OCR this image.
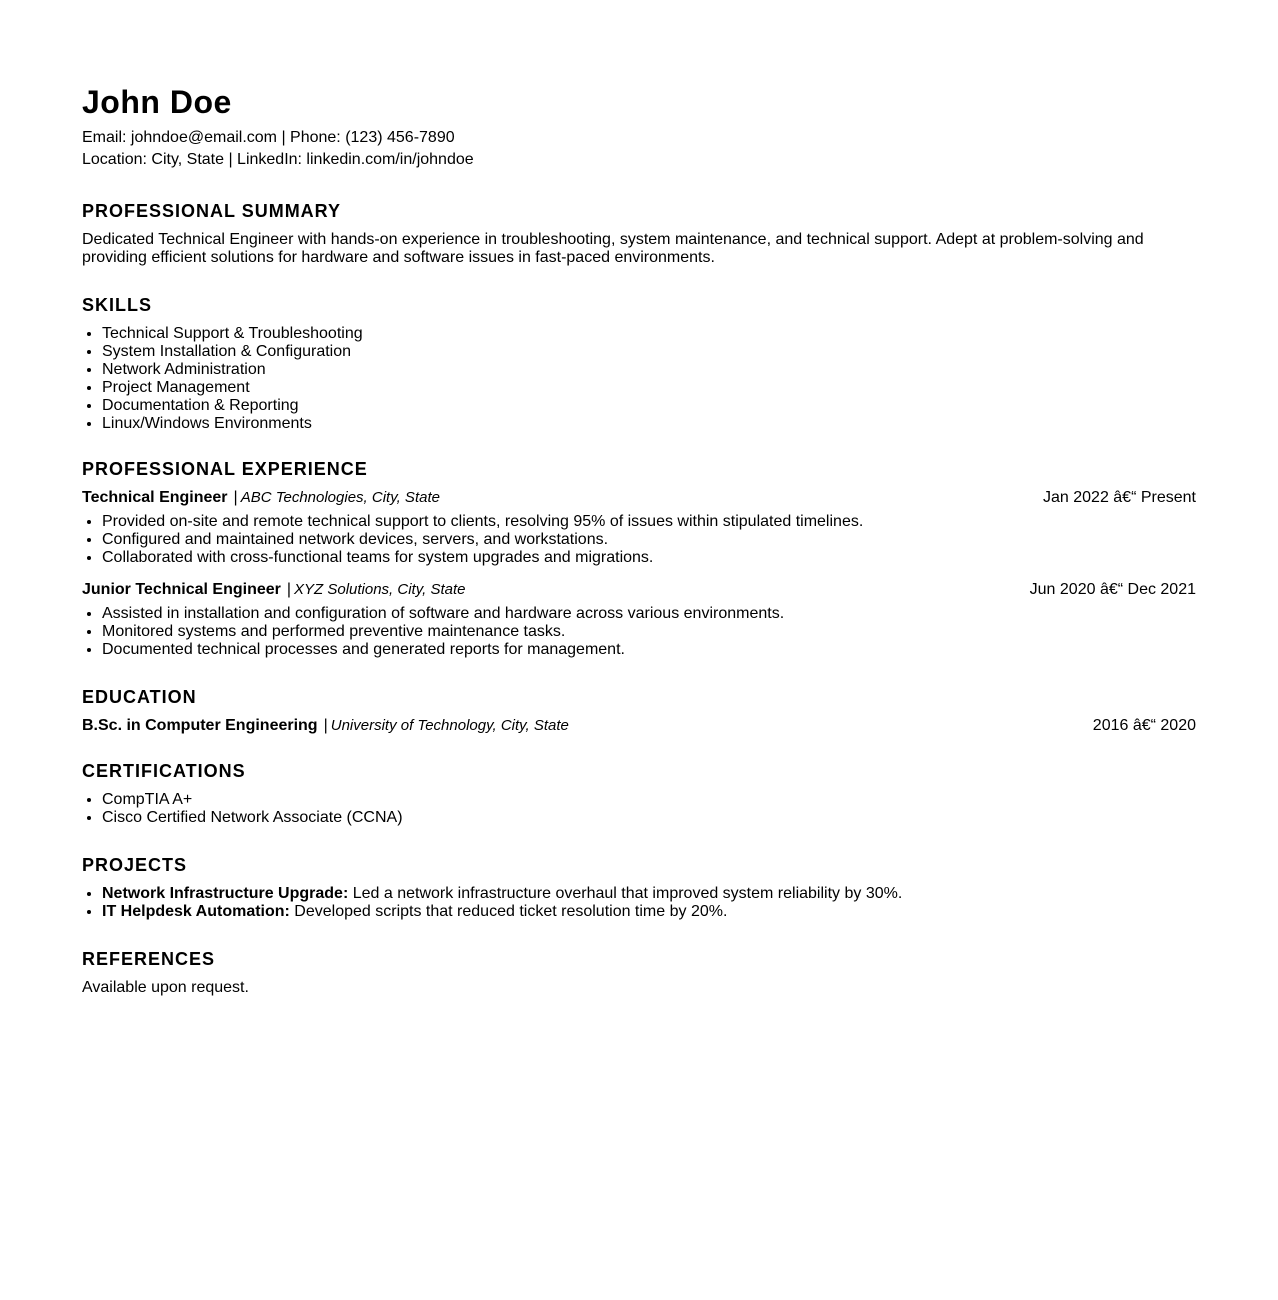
John Doe
Email: johndoe@email.com | Phone: (123) 456-7890
Location: City, State | LinkedIn: linkedin.com/in/johndoe
PROFESSIONAL SUMMARY

Dedicated Technical Engineer with hands-on experience in troubleshooting, system maintenance, and technical support. Adept at problem-solving and providing efficient solutions for hardware and software issues in fast-paced environments.

SKILLS
• Technical Support & Troubleshooting
• System Installation & Configuration
• Network Administration
• Project Management
• Documentation & Reporting
• Linux/Windows Environments
PROFESSIONAL EXPERIENCE
Technical Engineer | ABC Technologies, City, State	Jan 2022 â€“ Present
• Provided on-site and remote technical support to clients, resolving 95% of issues within stipulated timelines.
• Configured and maintained network devices, servers, and workstations.
• Collaborated with cross-functional teams for system upgrades and migrations.
Junior Technical Engineer | XYZ Solutions, City, State	Jun 2020 â€“ Dec 2021
• Assisted in installation and configuration of software and hardware across various environments.
• Monitored systems and performed preventive maintenance tasks.
• Documented technical processes and generated reports for management.
EDUCATION
B.Sc. in Computer Engineering | University of Technology, City, State	2016 â€“ 2020
CERTIFICATIONS
• CompTIA A+
• Cisco Certified Network Associate (CCNA)
PROJECTS
• Network Infrastructure Upgrade: Led a network infrastructure overhaul that improved system reliability by 30%.
• IT Helpdesk Automation: Developed scripts that reduced ticket resolution time by 20%.
REFERENCES

Available upon request.
